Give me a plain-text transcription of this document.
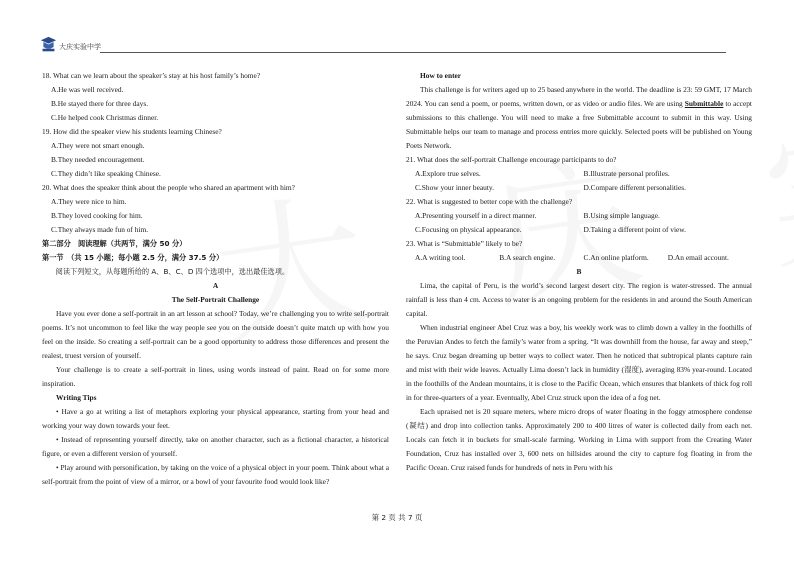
大庆实验中学

18. What can we learn about the speaker’s stay at his host family’s home?

A.He was well received.

B.He stayed there for three days.

C.He helped cook Christmas dinner.

19. How did the speaker view his students learning Chinese?

A.They were not smart enough.

B.They needed encouragement.

C.They didn’t like speaking Chinese.

20. What does the speaker think about the people who shared an apartment with him?

A.They were nice to him.

B.They loved cooking for him.

C.They always made fun of him.

第二部分　阅读理解（共两节，满分 50 分）

第一节　（共 15 小题；每小题 2.5 分，满分 37.5 分）

阅读下列短文，从每题所给的 A、B、C、D 四个选项中，选出最佳选项。

A

The Self-Portrait Challenge

Have you ever done a self-portrait in an art lesson at school? Today, we’re challenging you to write self-portrait poems. It’s not uncommon to feel like the way people see you on the outside doesn’t quite match up with how you feel on the inside. So creating a self-portrait can be a good opportunity to address those differences and present the realest, truest version of yourself.

Your challenge is to create a self-portrait in lines, using words instead of paint. Read on for some more inspiration.

Writing Tips

• Have a go at writing a list of metaphors exploring your physical appearance, starting from your head and working your way down towards your feet.

• Instead of representing yourself directly, take on another character, such as a fictional character, a historical figure, or even a different version of yourself.

• Play around with personification, by taking on the voice of a physical object in your poem. Think about what a self-portrait from the point of view of a mirror, or a bowl of your favourite food would look like?

How to enter

This challenge is for writers aged up to 25 based anywhere in the world. The deadline is 23: 59 GMT, 17 March 2024. You can send a poem, or poems, written down, or as video or audio files. We are using Submittable to accept submissions to this challenge. You will need to make a free Submittable account to submit in this way. Using Submittable helps our team to manage and process entries more quickly. Selected poets will be published on Young Poets Network.

21. What does the self-portrait Challenge encourage participants to do?

A.Explore true selves.	B.Illustrate personal profiles.
C.Show your inner beauty.	D.Compare different personalities.

22. What is suggested to better cope with the challenge?

A.Presenting yourself in a direct manner.	B.Using simple language.
C.Focusing on physical appearance.	D.Taking a different point of view.

23. What is “Submittable” likely to be?

A.A writing tool.	B.A search engine.	C.An online platform.	D.An email account.

B

Lima, the capital of Peru, is the world’s second largest desert city. The region is water-stressed. The annual rainfall is less than 4 cm. Access to water is an ongoing problem for the residents in and around the South American capital.

When industrial engineer Abel Cruz was a boy, his weekly work was to climb down a valley in the foothills of the Peruvian Andes to fetch the family’s water from a spring. “It was downhill from the house, far away and steep,” he says. Cruz began dreaming up better ways to collect water. Then he noticed that subtropical plants capture rain and mist with their wide leaves. Actually Lima doesn’t lack in humidity (湿度), averaging 83% year-round. Located in the foothills of the Andean mountains, it is close to the Pacific Ocean, which ensures that blankets of thick fog roll in for three-quarters of a year. Eventually, Abel Cruz struck upon the idea of a fog net.

Each upraised net is 20 square meters, where micro drops of water floating in the foggy atmosphere condense (凝结) and drop into collection tanks. Approximately 200 to 400 litres of water is collected daily from each net. Locals can fetch it in buckets for small-scale farming. Working in Lima with support from the Creating Water Foundation, Cruz has installed over 3, 600 nets on hillsides around the city to capture fog floating in from the Pacific Ocean. Cruz raised funds for hundreds of nets in Peru with his

第 2 页 共 7 页
